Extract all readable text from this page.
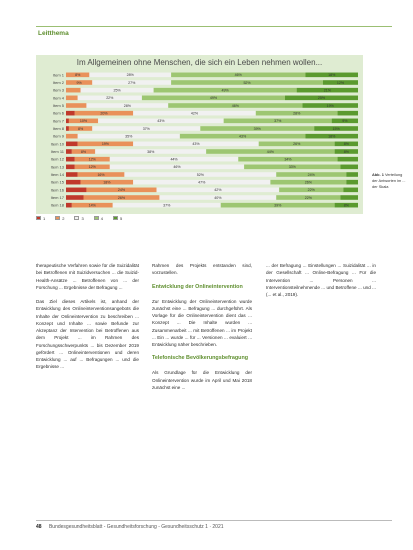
Leitthema
Im Allgemeinen ohne Menschen, die sich ein Leben nehmen wollen...
Item 1	8%	28%	46%	18%
Item 2	9%	27%	52%	12%
Item 3	25%	49%	21%
Item 4	22%	49%	25%
Item 5	28%	46%	19%
Item 6	20%	42%	28%
Item 7	10%	43%	37%	9%
Item 8	8%	37%	39%	15%
Item 9	35%	43%	18%
Item 10	19%	43%	26%	8%
Item 11	8%	38%	44%	8%
Item 12	12%	44%	34%
Item 13	12%	46%	33%
Item 14	16%	52%	24%
Item 15	18%	47%	26%
Item 16	24%	42%	22%
Item 17	26%	40%	22%
Item 18	14%	37%	39%	8%
1	2	3	4	5
Abb. 1 Verteilung der Antworten im ... der Skala

therapeutische Verfahren sowie für die Suizidalität bei Betroffenen mit Suizidversuchen ... die Suizid-Health-Ansätze ... Betroffenen von ... der Forschung ... Ergebnisse der Befragung ...

Das Ziel dieses Artikels ist, anhand der Entwicklung des Onlineinterventionsangebots die Inhalte der Onlineintervention zu beschreiben ... Konzept und Inhalte ... sowie Befunde zur Akzeptanz der Intervention bei Betroffenen aus dem Projekt ... im Rahmen des Forschungsschwerpunkts ... bis Dezember 2019 gefördert ... Onlineinterventionen und deren Entwicklung ... auf ... Befragungen ... und die Ergebnisse ...

Rahmen des Projekts entstanden sind, vorzustellen.

Entwicklung der Onlineintervention

Zur Entwicklung der Onlineintervention wurde zunächst eine ... Befragung ... durchgeführt. Als Vorlage für die Onlineintervention dient das ... Konzept ... Die Inhalte wurden ... Zusammenarbeit ... mit Betroffenen ... im Projekt ... Ein ... wurde ... für ... Versionen ... evaluiert ... Entwicklung näher beschrieben.

Telefonische Bevölkerungsbefragung

Als Grundlage für die Entwicklung der Onlineintervention wurde im April und Mai 2018 zunächst eine ...

... der Befragung ... Einstellungen ... Suizidalität ... in der Gesellschaft ... Online-Befragung ... Für die Intervention ... Personen ... Interventionsteilnehmende ... und Betroffene ... und ... (... et al., 2019).

48 Bundesgesundheitsblatt - Gesundheitsforschung - Gesundheitsschutz 1 · 2021
